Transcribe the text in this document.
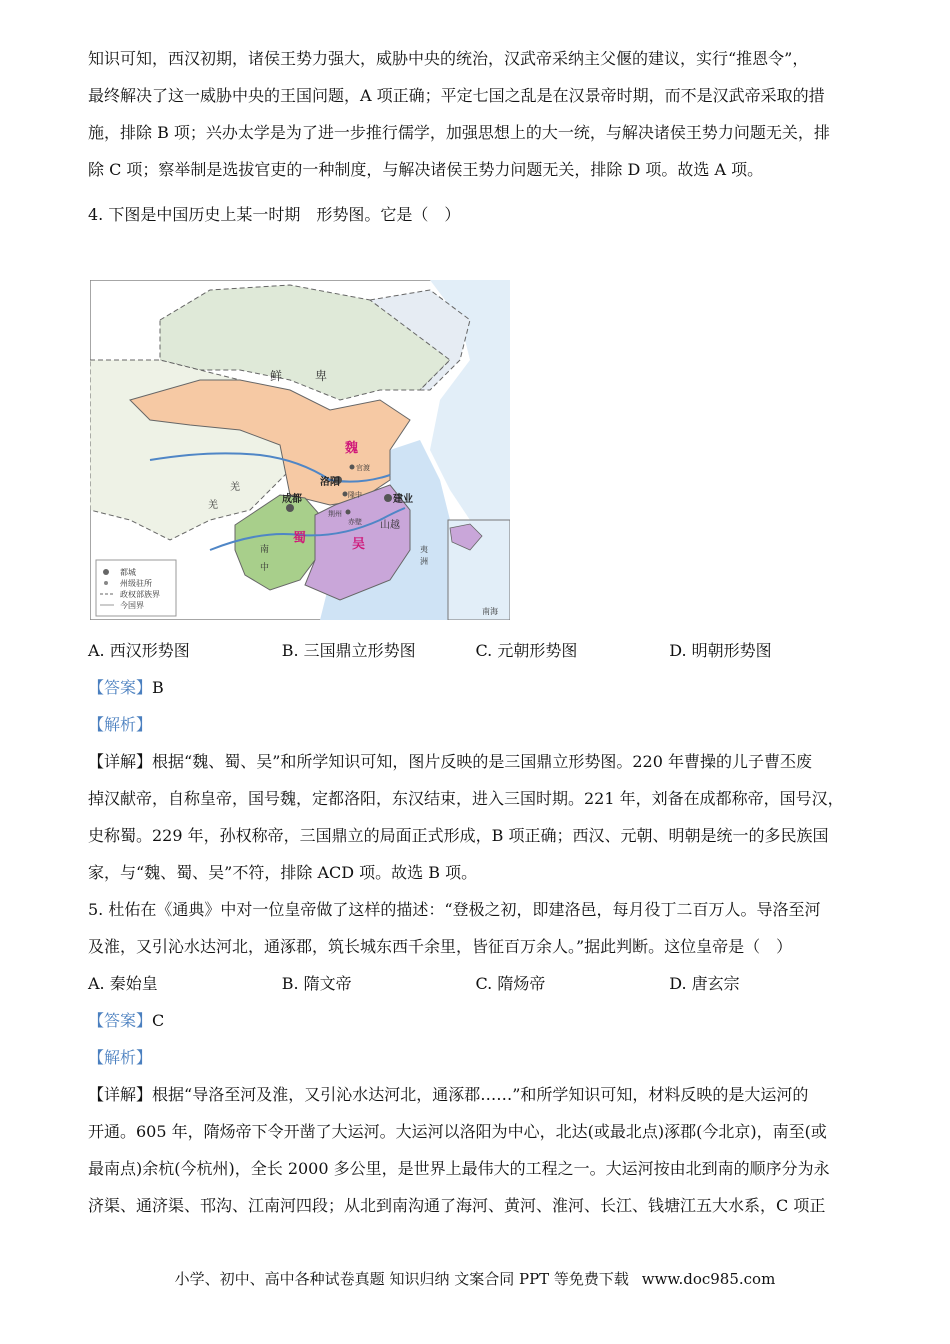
知识可知，西汉初期，诸侯王势力强大，威胁中央的统治，汉武帝采纳主父偃的建议，实行“推恩令”，
最终解决了这一威胁中央的王国问题，A 项正确；平定七国之乱是在汉景帝时期，而不是汉武帝采取的措
施，排除 B 项；兴办太学是为了进一步推行儒学，加强思想上的大一统，与解决诸侯王势力问题无关，排
除 C 项；察举制是选拔官吏的一种制度，与解决诸侯王势力问题无关，排除 D 项。故选 A 项。
4. 下图是中国历史上某一时期　形势图。它是（　）
都城
州级驻所
政权部族界
今国界
鲜	卑
魏
蜀	吴
洛阳
成都	建业
官渡
隆中
荆州
赤壁 山越
南
中
羌
羌
夷
洲
南海
A. 西汉形势图	B. 三国鼎立形势图	C. 元朝形势图	D. 明朝形势图
【答案】B
【解析】
【详解】根据“魏、蜀、吴”和所学知识可知，图片反映的是三国鼎立形势图。220 年曹操的儿子曹丕废
掉汉献帝，自称皇帝，国号魏，定都洛阳，东汉结束，进入三国时期。221 年，刘备在成都称帝，国号汉，
史称蜀。229 年，孙权称帝，三国鼎立的局面正式形成，B 项正确；西汉、元朝、明朝是统一的多民族国
家，与“魏、蜀、吴”不符，排除 ACD 项。故选 B 项。
5. 杜佑在《通典》中对一位皇帝做了这样的描述：“登极之初，即建洛邑，每月役丁二百万人。导洛至河
及淮，又引沁水达河北，通涿郡，筑长城东西千余里，皆征百万余人。”据此判断。这位皇帝是（　）
A. 秦始皇	B. 隋文帝	C. 隋炀帝	D. 唐玄宗
【答案】C
【解析】
【详解】根据“导洛至河及淮，又引沁水达河北，通涿郡……”和所学知识可知，材料反映的是大运河的
开通。605 年，隋炀帝下令开凿了大运河。大运河以洛阳为中心，北达(或最北点)涿郡(今北京)，南至(或
最南点)余杭(今杭州)，全长 2000 多公里，是世界上最伟大的工程之一。大运河按由北到南的顺序分为永
济渠、通济渠、邗沟、江南河四段；从北到南沟通了海河、黄河、淮河、长江、钱塘江五大水系，C 项正
小学、初中、高中各种试卷真题 知识归纳 文案合同 PPT 等免费下载 www.doc985.com
